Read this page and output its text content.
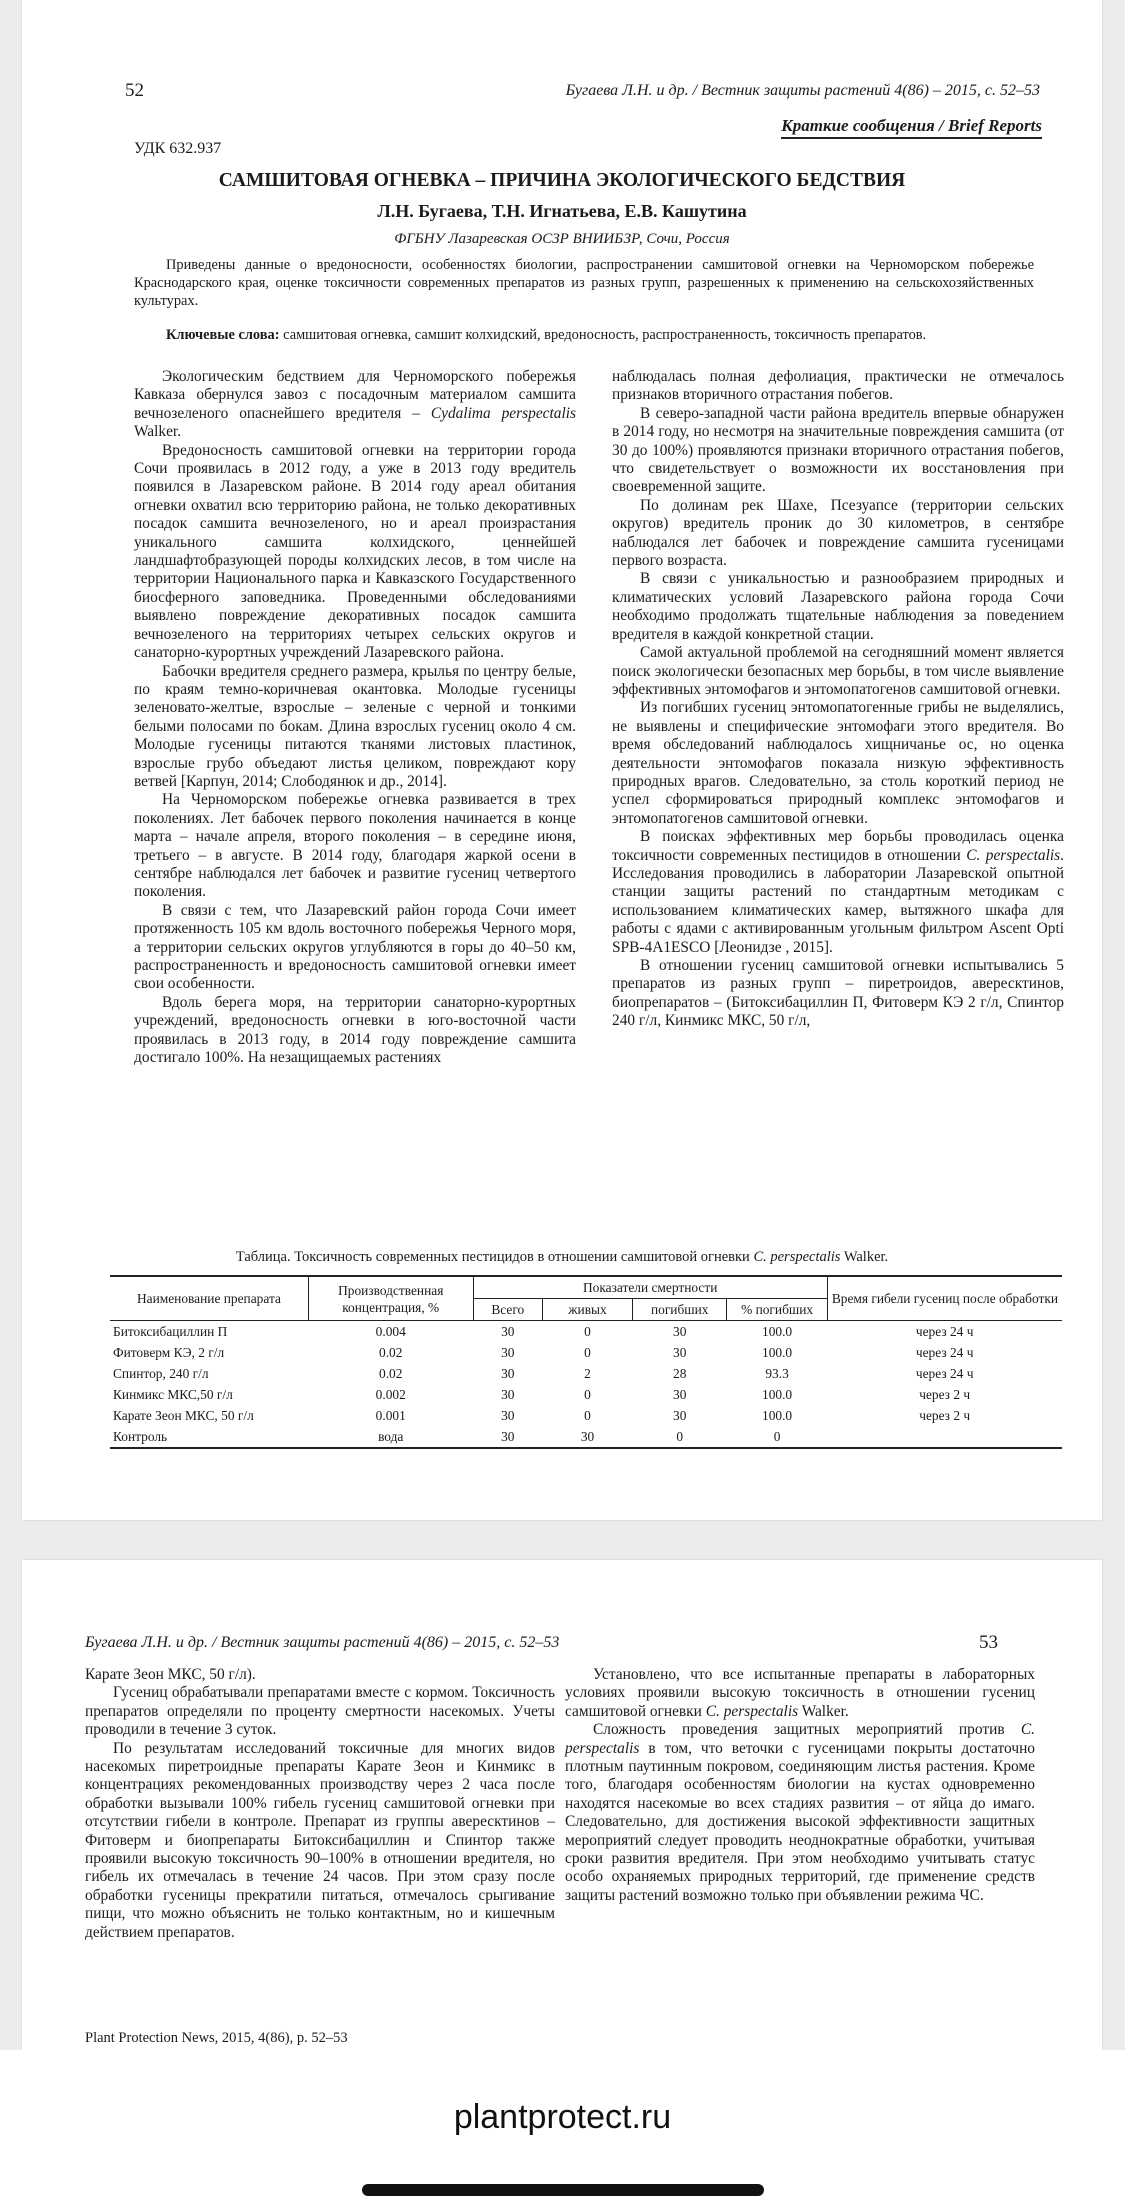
52	Бугаева Л.Н. и др. / Вестник защиты растений 4(86) – 2015, с. 52–53
Краткие сообщения / Brief Reports
УДК 632.937
САМШИТОВАЯ ОГНЕВКА – ПРИЧИНА ЭКОЛОГИЧЕСКОГО БЕДСТВИЯ
Л.Н. Бугаева, Т.Н. Игнатьева, Е.В. Кашутина
ФГБНУ Лазаревская ОСЗР ВНИИБЗР, Сочи, Россия
Приведены данные о вредоносности, особенностях биологии, распространении самшитовой огневки на Черноморском побережье Краснодарского края, оценке токсичности современных препаратов из разных групп, разрешенных к применению на сельскохозяйственных культурах.
Ключевые слова: самшитовая огневка, самшит колхидский, вредоносность, распространенность, токсичность препаратов.

Экологическим бедствием для Черноморского побережья Кавказа обернулся завоз с посадочным материалом самшита вечнозеленого опаснейшего вредителя – Cydalima perspectalis Walker.

Вредоносность самшитовой огневки на территории города Сочи проявилась в 2012 году, а уже в 2013 году вредитель появился в Лазаревском районе. В 2014 году ареал обитания огневки охватил всю территорию района, не только декоративных посадок самшита вечнозеленого, но и ареал произрастания уникального самшита колхидского, ценнейшей ландшафтобразующей породы колхидских лесов, в том числе на территории Национального парка и Кавказского Государственного биосферного заповедника. Проведенными обследованиями выявлено повреждение декоративных посадок самшита вечнозеленого на территориях четырех сельских округов и санаторно-курортных учреждений Лазаревского района.

Бабочки вредителя среднего размера, крылья по центру белые, по краям темно-коричневая окантовка. Молодые гусеницы зеленовато-желтые, взрослые – зеленые с черной и тонкими белыми полосами по бокам. Длина взрослых гусениц около 4 см. Молодые гусеницы питаются тканями листовых пластинок, взрослые грубо объедают листья целиком, повреждают кору ветвей [Карпун, 2014; Слободянюк и др., 2014].

На Черноморском побережье огневка развивается в трех поколениях. Лет бабочек первого поколения начинается в конце марта – начале апреля, второго поколения – в середине июня, третьего – в августе. В 2014 году, благодаря жаркой осени в сентябре наблюдался лет бабочек и развитие гусениц четвертого поколения.

В связи с тем, что Лазаревский район города Сочи имеет протяженность 105 км вдоль восточного побережья Черного моря, а территории сельских округов углубляются в горы до 40–50 км, распространенность и вредоносность самшитовой огневки имеет свои особенности.

Вдоль берега моря, на территории санаторно-курортных учреждений, вредоносность огневки в юго-восточной части проявилась в 2013 году, в 2014 году повреждение самшита достигало 100%. На незащищаемых растениях

наблюдалась полная дефолиация, практически не отмечалось признаков вторичного отрастания побегов.

В северо-западной части района вредитель впервые обнаружен в 2014 году, но несмотря на значительные повреждения самшита (от 30 до 100%) проявляются признаки вторичного отрастания побегов, что свидетельствует о возможности их восстановления при своевременной защите.

По долинам рек Шахе, Псезуапсе (территории сельских округов) вредитель проник до 30 километров, в сентябре наблюдался лет бабочек и повреждение самшита гусеницами первого возраста.

В связи с уникальностью и разнообразием природных и климатических условий Лазаревского района города Сочи необходимо продолжать тщательные наблюдения за поведением вредителя в каждой конкретной стации.

Самой актуальной проблемой на сегодняшний момент является поиск экологически безопасных мер борьбы, в том числе выявление эффективных энтомофагов и энтомопатогенов самшитовой огневки.

Из погибших гусениц энтомопатогенные грибы не выделялись, не выявлены и специфические энтомофаги этого вредителя. Во время обследований наблюдалось хищничанье ос, но оценка деятельности энтомофагов показала низкую эффективность природных врагов. Следовательно, за столь короткий период не успел сформироваться природный комплекс энтомофагов и энтомопатогенов самшитовой огневки.

В поисках эффективных мер борьбы проводилась оценка токсичности современных пестицидов в отношении C. perspectalis. Исследования проводились в лаборатории Лазаревской опытной станции защиты растений по стандартным методикам с использованием климатических камер, вытяжного шкафа для работы с ядами с активированным угольным фильтром Ascent Opti SPB-4A1ESCO [Леонидзе , 2015].

В отношении гусениц самшитовой огневки испытывались 5 препаратов из разных групп – пиретроидов, авересктинов, биопрепаратов – (Битоксибациллин П, Фитоверм КЭ 2 г/л, Спинтор 240 г/л, Кинмикс МКС, 50 г/л,

Таблица. Токсичность современных пестицидов в отношении самшитовой огневки C. perspectalis Walker.
Наименование препарата	Производственная концентрация, %	Показатели смертности				Время гибели гусениц после обработки
		Всего	живых	погибших	% погибших	
Битоксибациллин П	0.004	30	0	30	100.0	через 24 ч
Фитоверм КЭ, 2 г/л	0.02	30	0	30	100.0	через 24 ч
Спинтор, 240 г/л	0.02	30	2	28	93.3	через 24 ч
Кинмикс МКС,50 г/л	0.002	30	0	30	100.0	через 2 ч
Карате Зеон МКС, 50 г/л	0.001	30	0	30	100.0	через 2 ч
Контроль	вода	30	30	0	0	
Бугаева Л.Н. и др. / Вестник защиты растений 4(86) – 2015, с. 52–53	53

Карате Зеон МКС, 50 г/л).

Гусениц обрабатывали препаратами вместе с кормом. Токсичность препаратов определяли по проценту смертности насекомых. Учеты проводили в течение 3 суток.

По результатам исследований токсичные для многих видов насекомых пиретроидные препараты Карате Зеон и Кинмикс в концентрациях рекомендованных производству через 2 часа после обработки вызывали 100% гибель гусениц самшитовой огневки при отсутствии гибели в контроле. Препарат из группы авересктинов – Фитоверм и биопрепараты Битоксибациллин и Спинтор также проявили высокую токсичность 90–100% в отношении вредителя, но гибель их отмечалась в течение 24 часов. При этом сразу после обработки гусеницы прекратили питаться, отмечалось срыгивание пищи, что можно объяснить не только контактным, но и кишечным действием препаратов.

Установлено, что все испытанные препараты в лабораторных условиях проявили высокую токсичность в отношении гусениц самшитовой огневки C. perspectalis Walker.

Сложность проведения защитных мероприятий против C. perspectalis в том, что веточки с гусеницами покрыты достаточно плотным паутинным покровом, соединяющим листья растения. Кроме того, благодаря особенностям биологии на кустах одновременно находятся насекомые во всех стадиях развития – от яйца до имаго. Следовательно, для достижения высокой эффективности защитных мероприятий следует проводить неоднократные обработки, учитывая сроки развития вредителя. При этом необходимо учитывать статус особо охраняемых природных территорий, где применение средств защиты растений возможно только при объявлении режима ЧС.

Plant Protection News, 2015, 4(86), p. 52–53
plantprotect.ru
